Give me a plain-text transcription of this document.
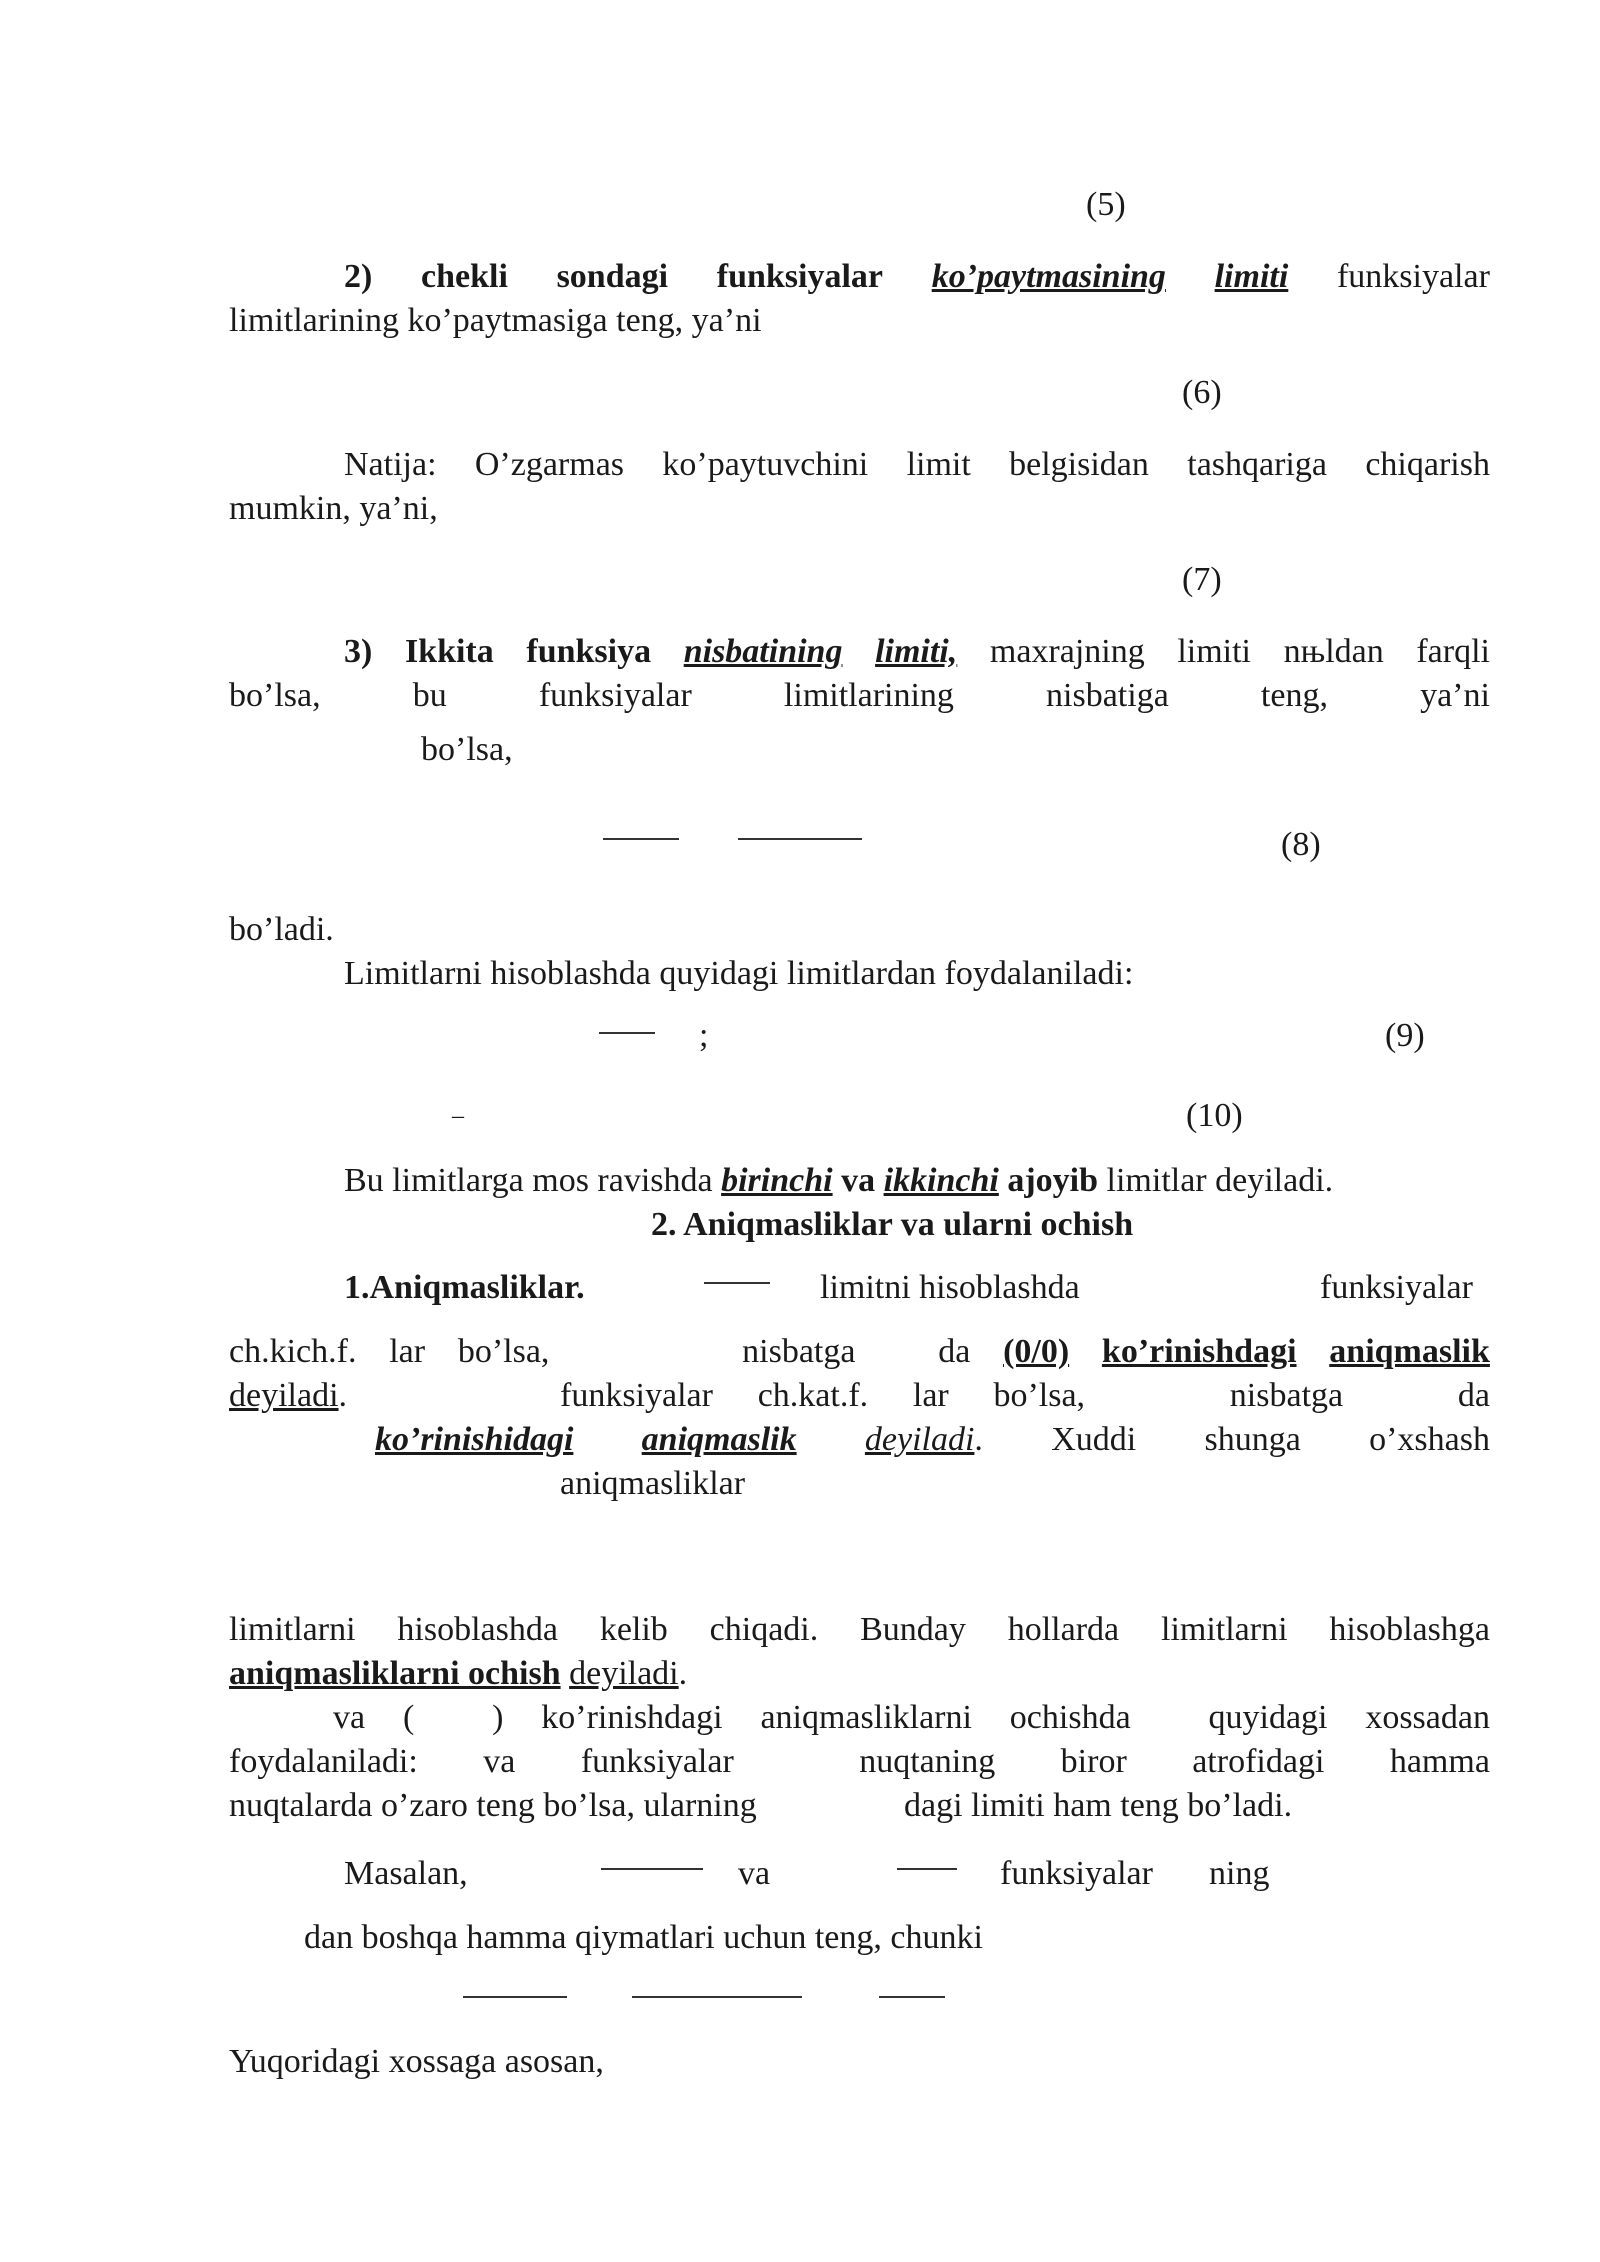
(5)
2) chekli sondagi funksiyalar ko’paytmasining limiti funksiyalar
limitlarining ko’paytmasiga teng, ya’ni
(6)
Natija: O’zgarmas ko’paytuvchini limit belgisidan tashqariga chiqarish
mumkin, ya’ni,
(7)
3) Ikkita funksiya nisbatining limiti, maxrajning limiti nњldan farqli
bo’lsa,	bu	funksiyalar	limitlarining	nisbatiga	teng,	ya’ni
bo’lsa,
(8)
bo’ladi.
Limitlarni hisoblashda quyidagi limitlardan foydalaniladi:
;	(9)
–	(10)
Bu limitlarga mos ravishda birinchi va ikkinchi ajoyib limitlar deyiladi.
2. Aniqmasliklar va ularni ochish
1.Aniqmasliklar.	limitni hisoblashda	funksiyalar
ch.kich.f. lar bo’lsa,	nisbatga da (0/0) ko’rinishdagi aniqmaslik
deyiladi.	funksiyalar ch.kat.f. lar bo’lsa,	nisbatga	da
ko’rinishidagi aniqmaslik deyiladi. Xuddi shunga o’xshash
aniqmasliklar
limitlarni hisoblashda kelib chiqadi. Bunday hollarda limitlarni hisoblashga
aniqmasliklarni ochish deyiladi.
va ( ) ko’rinishdagi aniqmasliklarni ochishda quyidagi xossadan
foydalaniladi: va funksiyalar	nuqtaning biror atrofidagi hamma
nuqtalarda o’zaro teng bo’lsa, ularning	dagi limiti ham teng bo’ladi.
Masalan,	va	funksiyalar ning
dan boshqa hamma qiymatlari uchun teng, chunki
Yuqoridagi xossaga asosan,
